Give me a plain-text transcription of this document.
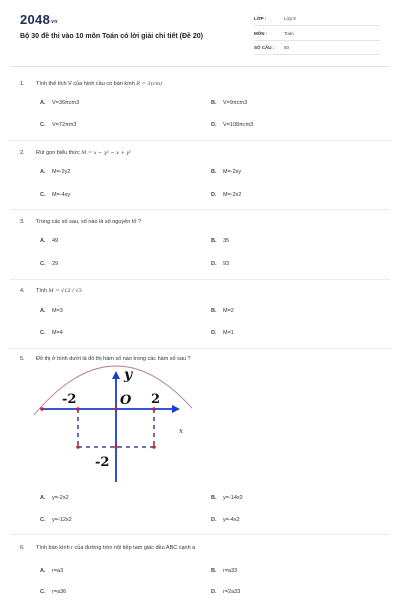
$2048^{vn}$
Bộ 30 đề thi vào 10 môn Toán có lời giải chi tiết (Đề 20)
LỚP :	Lớp 9
MÔN :	Toán
SỐ CÂU : 50
1. Tính thể tích V của hình cầu có bán kính R = 3(cm)
A. V=36πcm3	B. V=9πcm3
C. V=72πm3	D. V=108πcm3
2. Rút gọn biểu thức M = x − y² − x + y²
A. M=-2y2	B. M=-2xy
C. M=-4xy	D. M=-2x2
3. Trong các số sau, số nào là số nguyên tố ?
A. 49	B. 35
C. 29	D. 93
4. Tính M = √12 / √3
A. M=3	B. M=2
C. M=4	D. M=1
5. Đồ thị ở hình dưới là đồ thị hàm số nào trong các hàm số sau ?
y
x
-2	O 2
-2
A. y=-2x2	B. y=-14x2
C. y=-12x2	D. y=-4x2
6. Tính bán kính r của đường tròn nội tiếp tam giác đều ABC cạnh a
A. r=a3	B. r=a33
C. r=a36	D. r=2a33
